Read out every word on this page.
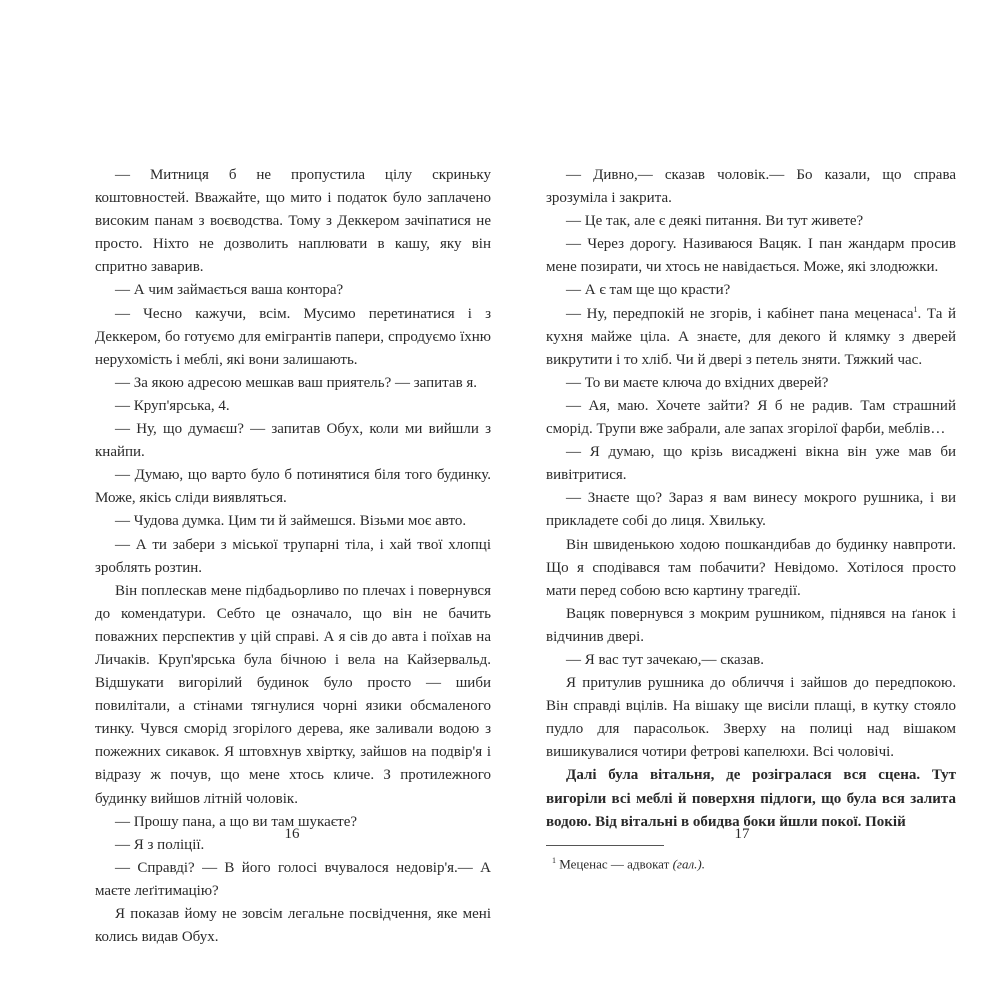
— Митниця б не пропустила цілу скриньку коштовностей. Вважайте, що мито і податок було заплачено високим панам з воєводства. Тому з Деккером зачіпатися не просто. Ніхто не дозволить наплювати в кашу, яку він спритно заварив.

— А чим займається ваша контора?

— Чесно кажучи, всім. Мусимо перетинатися і з Деккером, бо готуємо для емігрантів папери, спродуємо їхню нерухомість і меблі, які вони залишають.

— За якою адресою мешкав ваш приятель? — запитав я.

— Круп'ярська, 4.

— Ну, що думаєш? — запитав Обух, коли ми вийшли з кнайпи.

— Думаю, що варто було б потинятися біля того будинку. Може, якісь сліди виявляться.

— Чудова думка. Цим ти й займешся. Візьми моє авто.

— А ти забери з міської трупарні тіла, і хай твої хлопці зроблять розтин.

Він поплескав мене підбадьорливо по плечах і повернувся до комендатури. Себто це означало, що він не бачить поважних перспектив у цій справі. А я сів до авта і поїхав на Личаків. Круп'ярська була бічною і вела на Кайзервальд. Відшукати вигорілий будинок було просто — шиби повилітали, а стінами тягнулися чорні язики обсмаленого тинку. Чувся сморід згорілого дерева, яке заливали водою з пожежних сикавок. Я штовхнув хвіртку, зайшов на подвір'я і відразу ж почув, що мене хтось кличе. З протилежного будинку вийшов літній чоловік.

— Прошу пана, а що ви там шукаєте?

— Я з поліції.

— Справді? — В його голосі вчувалося недовір'я.— А маєте леґітимацію?

Я показав йому не зовсім легальне посвідчення, яке мені колись видав Обух.

16

— Дивно,— сказав чоловік.— Бо казали, що справа зрозуміла і закрита.

— Це так, але є деякі питання. Ви тут живете?

— Через дорогу. Називаюся Вацяк. І пан жандарм просив мене позирати, чи хтось не навідається. Може, які злодюжки.

— А є там ще що красти?

— Ну, передпокій не згорів, і кабінет пана меценаса$^1$. Та й кухня майже ціла. А знаєте, для декого й клямку з дверей викрутити і то хліб. Чи й двері з петель зняти. Тяжкий час.

— То ви маєте ключа до вхідних дверей?

— Ая, маю. Хочете зайти? Я б не радив. Там страшний сморід. Трупи вже забрали, але запах згорілої фарби, меблів…

— Я думаю, що крізь висаджені вікна він уже мав би вивітритися.

— Знаєте що? Зараз я вам винесу мокрого рушника, і ви прикладете собі до лиця. Хвильку.

Він швиденькою ходою пошкандибав до будинку навпроти. Що я сподівався там побачити? Невідомо. Хотілося просто мати перед собою всю картину трагедії.

Вацяк повернувся з мокрим рушником, піднявся на ґанок і відчинив двері.

— Я вас тут зачекаю,— сказав.

Я притулив рушника до обличчя і зайшов до передпокою. Він справді вцілів. На вішаку ще висіли плащі, в кутку стояло пудло для парасольок. Зверху на полиці над вішаком вишикувалися чотири фетрові капелюхи. Всі чоловічі.

Далі була вітальня, де розігралася вся сцена. Тут вигоріли всі меблі й поверхня підлоги, що була вся залита водою. Від вітальні в обидва боки йшли покої. Покій

$^1$ Меценас — адвокат (гал.).
17
